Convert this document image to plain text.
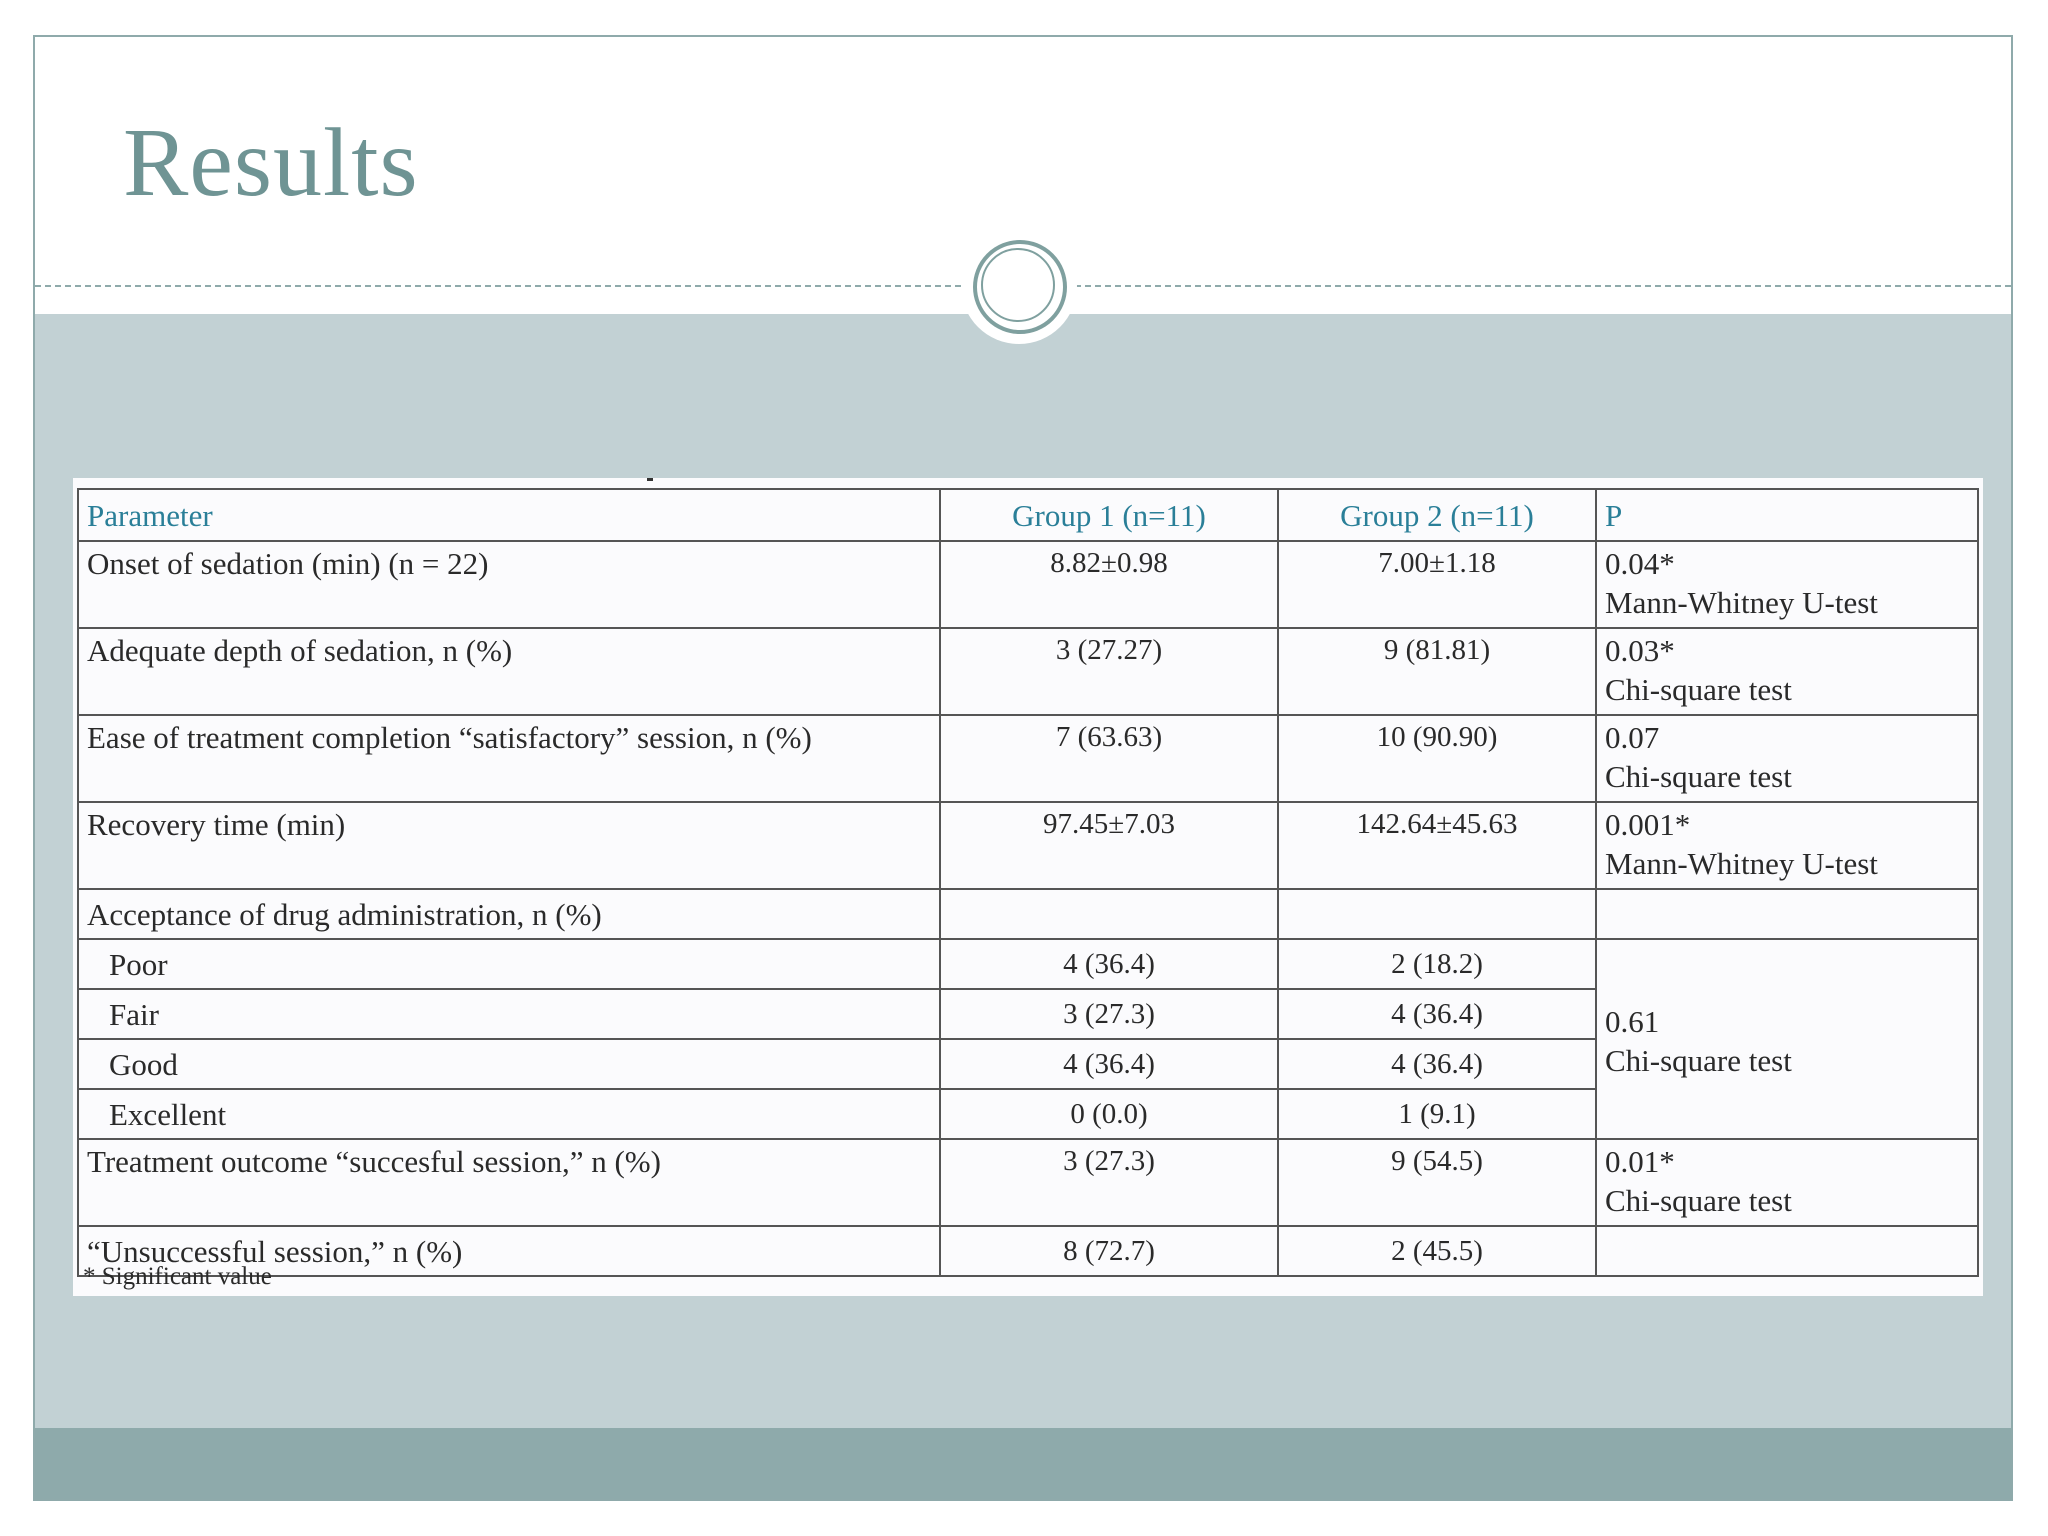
Results
Parameter	Group 1 (n=11)	Group 2 (n=11)	P
Onset of sedation (min) (n = 22)	8.82±0.98	7.00±1.18	0.04*
Mann-Whitney U-test

Adequate depth of sedation, n (%)	3 (27.27)	9 (81.81)	0.03*
Chi-square test

Ease of treatment completion “satisfactory” session, n (%)	7 (63.63)	10 (90.90)	0.07
Chi-square test

Recovery time (min)	97.45±7.03	142.64±45.63	0.001*
Mann-Whitney U-test

Acceptance of drug administration, n (%)			
Poor	4 (36.4)	2 (18.2)	0.61
Chi-square test

Fair	3 (27.3)	4 (36.4)	
Good	4 (36.4)	4 (36.4)	
Excellent	0 (0.0)	1 (9.1)	
Treatment outcome “succesful session,” n (%)	3 (27.3)	9 (54.5)	0.01*
Chi-square test

“Unsuccessful session,” n (%)	8 (72.7)	2 (45.5)	
* Significant value
